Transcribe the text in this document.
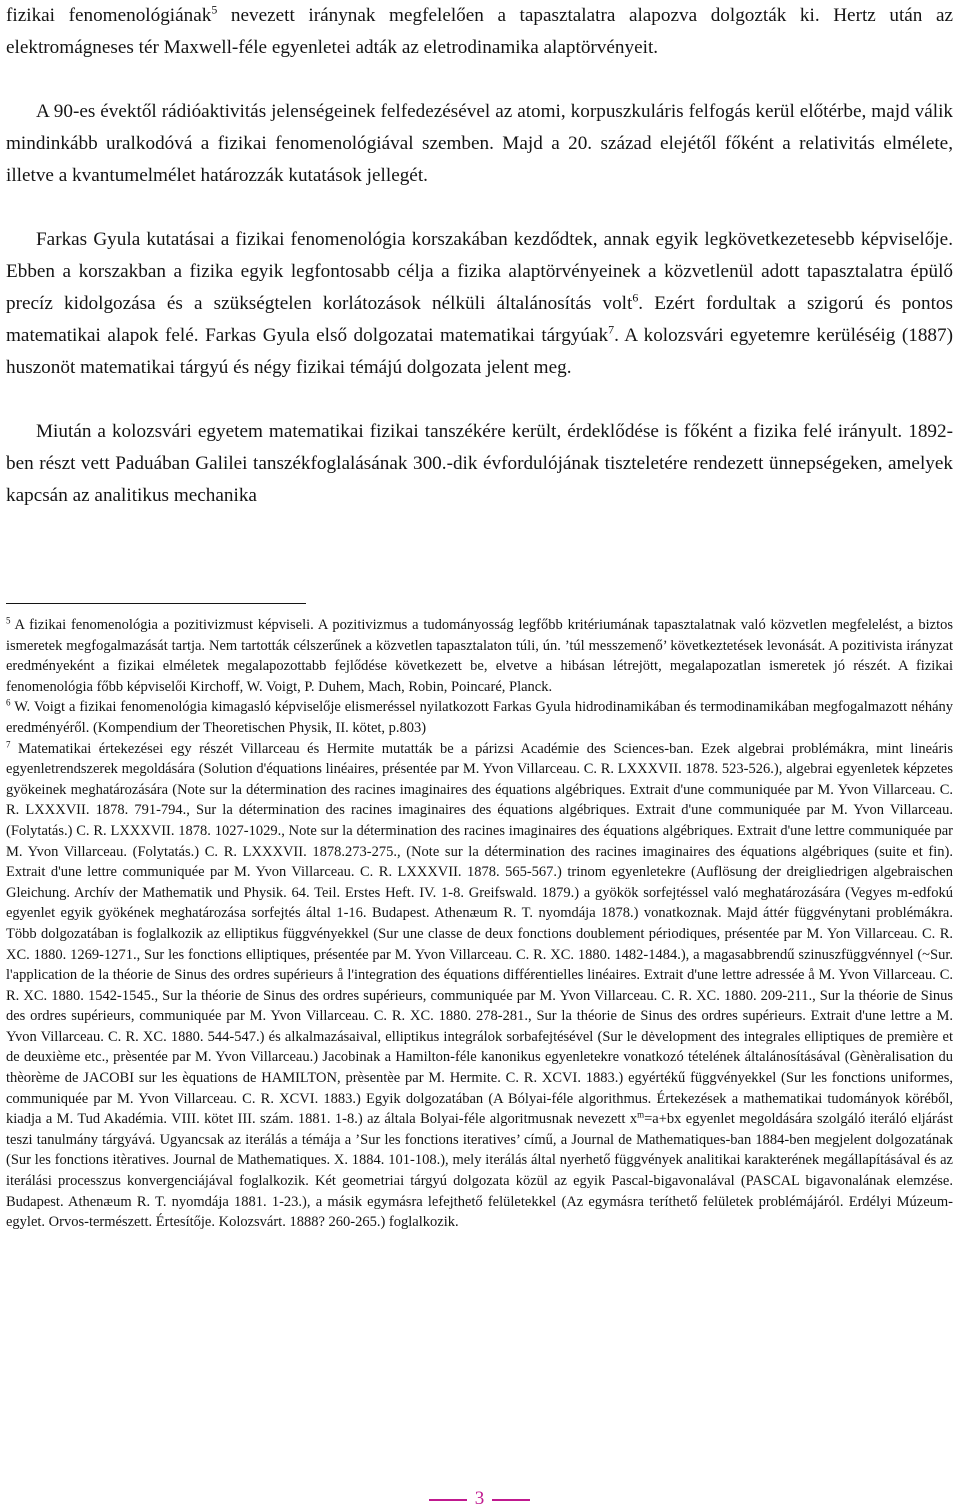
fizikai fenomenológiának$^5$ nevezett iránynak megfelelően a tapasztalatra alapozva dolgozták ki. Hertz után az elektromágneses tér Maxwell-féle egyenletei adták az eletrodinamika alaptörvényeit.

A 90-es évektől rádióaktivitás jelenségeinek felfedezésével az atomi, korpuszkuláris felfogás kerül előtérbe, majd válik mindinkább uralkodóvá a fizikai fenomenológiával szemben. Majd a 20. század elejétől főként a relativitás elmélete, illetve a kvantumelmélet határozzák kutatások jellegét.

Farkas Gyula kutatásai a fizikai fenomenológia korszakában kezdődtek, annak egyik legkövetkezetesebb képviselője. Ebben a korszakban a fizika egyik legfontosabb célja a fizika alaptörvényeinek a közvetlenül adott tapasztalatra épülő precíz kidolgozása és a szükségtelen korlátozások nélküli általánosítás volt$^6$. Ezért fordultak a szigorú és pontos matematikai alapok felé. Farkas Gyula első dolgozatai matematikai tárgyúak$^7$. A kolozsvári egyetemre kerüléséig (1887) huszonöt matematikai tárgyú és négy fizikai témájú dolgozata jelent meg.

Miután a kolozsvári egyetem matematikai fizikai tanszékére került, érdeklődése is főként a fizika felé irányult. 1892-ben részt vett Paduában Galilei tanszékfoglalásának 300.-dik évfordulójának tiszteletére rendezett ünnepségeken, amelyek kapcsán az analitikus mechanika

$^5$ A fizikai fenomenológia a pozitivizmust képviseli. A pozitivizmus a tudományosság legfőbb kritériumának tapasztalatnak való közvetlen megfelelést, a biztos ismeretek megfogalmazását tartja. Nem tartották célszerűnek a közvetlen tapasztalaton túli, ún. ’túl messzemenő’ következtetések levonását. A pozitivista irányzat eredményeként a fizikai elméletek megalapozottabb fejlődése következett be, elvetve a hibásan létrejött, megalapozatlan ismeretek jó részét. A fizikai fenomenológia főbb képviselői Kirchoff, W. Voigt, P. Duhem, Mach, Robin, Poincaré, Planck.

$^6$ W. Voigt a fizikai fenomenológia kimagasló képviselője elismeréssel nyilatkozott Farkas Gyula hidrodinamikában és termodinamikában megfogalmazott néhány eredményéről. (Kompendium der Theoretischen Physik, II. kötet, p.803)

$^7$ Matematikai értekezései egy részét Villarceau és Hermite mutatták be a párizsi Académie des Sciences-ban. Ezek algebrai problémákra, mint lineáris egyenletrendszerek megoldására (Solution d'équations linéaires, présentée par M. Yvon Villarceau. C. R. LXXXVII. 1878. 523-526.), algebrai egyenletek képzetes gyökeinek meghatározására (Note sur la détermination des racines imaginaires des équations algébriques. Extrait d'une communiquée par M. Yvon Villarceau. C. R. LXXXVII. 1878. 791-794., Sur la détermination des racines imaginaires des équations algébriques. Extrait d'une communiquée par M. Yvon Villarceau. (Folytatás.) C. R. LXXXVII. 1878. 1027-1029., Note sur la détermination des racines imaginaires des équations algébriques. Extrait d'une lettre communiquée par M. Yvon Villarceau. (Folytatás.) C. R. LXXXVII. 1878.273-275., (Note sur la détermination des racines imaginaires des équations algébriques (suite et fin). Extrait d'une lettre communiquée par M. Yvon Villarceau. C. R. LXXXVII. 1878. 565-567.) trinom egyenletekre (Auflösung der dreigliedrigen algebraischen Gleichung. Archív der Mathematik und Physik. 64. Teil. Erstes Heft. IV. 1-8. Greifswald. 1879.) a gyökök sorfejtéssel való meghatározására (Vegyes m-edfokú egyenlet egyik gyökének meghatározása sorfejtés által 1-16. Budapest. Athenæum R. T. nyomdája 1878.) vonatkoznak. Majd áttér függvénytani problémákra. Több dolgozatában is foglalkozik az elliptikus függvényekkel (Sur une classe de deux fonctions doublement périodiques, présentée par M. Yon Villarceau. C. R. XC. 1880. 1269-1271., Sur les fonctions elliptiques, présentée par M. Yvon Villarceau. C. R. XC. 1880. 1482-1484.), a magasabbrendű szinuszfüggvénnyel (~Sur. l'application de la théorie de Sinus des ordres supérieurs å l'integration des équations différentielles linéaires. Extrait d'une lettre adressée å M. Yvon Villarceau. C. R. XC. 1880. 1542-1545., Sur la théorie de Sinus des ordres supérieurs, communiquée par M. Yvon Villarceau. C. R. XC. 1880. 209-211., Sur la théorie de Sinus des ordres supérieurs, communiquée par M. Yvon Villarceau. C. R. XC. 1880. 278-281., Sur la théorie de Sinus des ordres supérieurs. Extrait d'une lettre a M. Yvon Villarceau. C. R. XC. 1880. 544-547.) és alkalmazásaival, elliptikus integrálok sorbafejtésével (Sur le dėvelopment des integrales elliptiques de première et de deuxième etc., prèsentée par M. Yvon Villarceau.) Jacobinak a Hamilton-féle kanonikus egyenletekre vonatkozó tételének általánosításával (Gènèralisation du thèorème de JACOBI sur les èquations de HAMILTON, prèsentèe par M. Hermite. C. R. XCVI. 1883.) egyértékű függvényekkel (Sur les fonctions uniformes, communiquée par M. Yvon Villarceau. C. R. XCVI. 1883.) Egyik dolgozatában (A Bólyai-féle algorithmus. Értekezések a mathematikai tudományok köréből, kiadja a M. Tud Akadémia. VIII. kötet III. szám. 1881. 1-8.) az általa Bolyai-féle algoritmusnak nevezett $x^m=a+bx$ egyenlet megoldására szolgáló iteráló eljárást teszi tanulmány tárgyává. Ugyancsak az iterálás a témája a ’Sur les fonctions iteratives’ című, a Journal de Mathematiques-ban 1884-ben megjelent dolgozatának (Sur les fonctions itèratives. Journal de Mathematiques. X. 1884. 101-108.), mely iterálás által nyerhető függvények analitikai karakterének megállapításával és az iterálási processzus konvergenciájával foglalkozik. Két geometriai tárgyú dolgozata közül az egyik Pascal-bigavonalával (PASCAL bigavonalának elemzése. Budapest. Athenæum R. T. nyomdája 1881. 1-23.), a másik egymásra lefejthető felületekkel (Az egymásra teríthető felületek problémájáról. Erdélyi Múzeum-egylet. Orvos-természett. Értesítője. Kolozsvárt. 1888? 260-265.) foglalkozik.

3
